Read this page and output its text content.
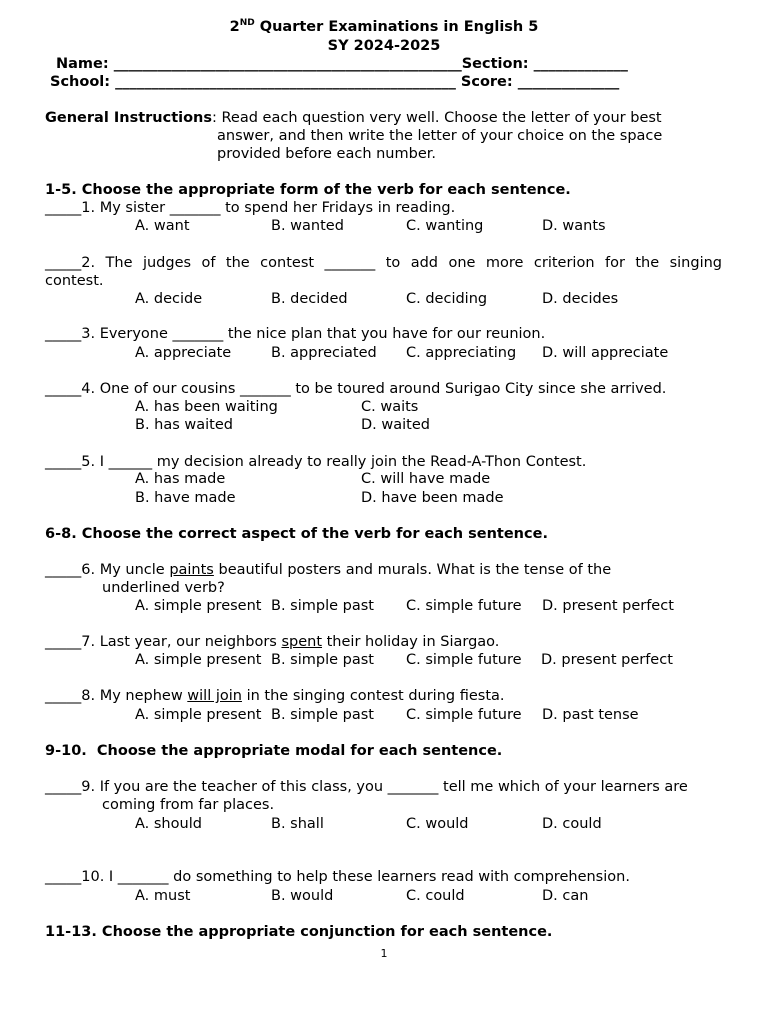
2ND Quarter Examinations in English 5
SY 2024-2025
Name: ________________________________________________Section: _____________
School: _______________________________________________ Score: ______________
General Instructions: Read each question very well. Choose the letter of your best
answer, and then write the letter of your choice on the space
provided before each number.
1-5. Choose the appropriate form of the verb for each sentence.
_____1. My sister _______ to spend her Fridays in reading.
A. want	B. wanted	C. wanting	D. wants
_____2. The judges of the contest _______ to add one more criterion for the singing
contest.
A. decide	B. decided	C. deciding	D. decides
_____3. Everyone _______ the nice plan that you have for our reunion.
A. appreciate	B. appreciated C. appreciating D. will appreciate
_____4. One of our cousins _______ to be toured around Surigao City since she arrived.
A. has been waiting	C. waits
B. has waited	D. waited
_____5. I ______ my decision already to really join the Read-A-Thon Contest.
A. has made	C. will have made
B. have made	D. have been made
6-8. Choose the correct aspect of the verb for each sentence.
_____6. My uncle paints beautiful posters and murals. What is the tense of the
underlined verb?
A. simple present B. simple past C. simple future D. present perfect
_____7. Last year, our neighbors spent their holiday in Siargao.
A. simple present B. simple past C. simple future D. present perfect
_____8. My nephew will join in the singing contest during fiesta.
A. simple present B. simple past C. simple future D. past tense
9-10.  Choose the appropriate modal for each sentence.
_____9. If you are the teacher of this class, you _______ tell me which of your learners are
coming from far places.
A. should	B. shall	C. would	D. could
_____10. I _______ do something to help these learners read with comprehension.
A. must	B. would	C. could	D. can
11-13. Choose the appropriate conjunction for each sentence.
1
